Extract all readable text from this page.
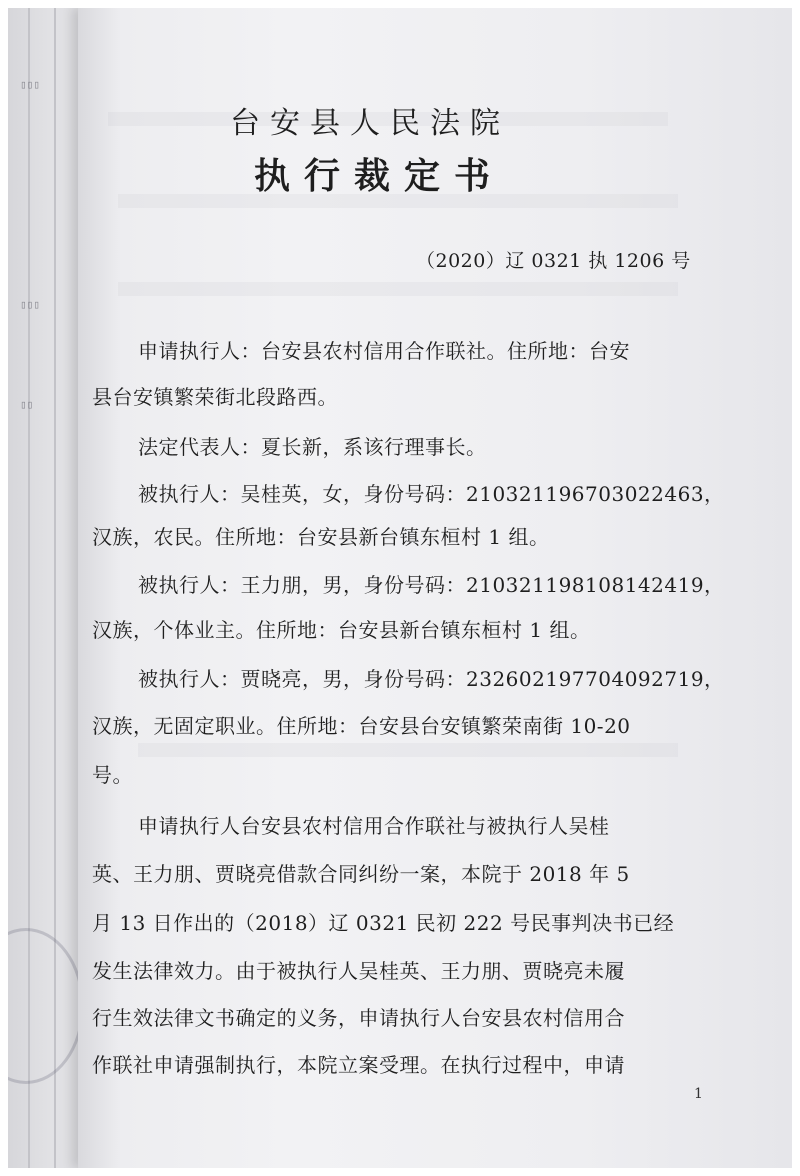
▯▯▯
▯▯▯
▯▯
台安县人民法院
执行裁定书
（2020）辽 0321 执 1206 号
申请执行人：台安县农村信用合作联社。住所地：台安
县台安镇繁荣街北段路西。
法定代表人：夏长新，系该行理事长。
被执行人：吴桂英，女，身份号码：210321196703022463，
汉族，农民。住所地：台安县新台镇东桓村 1 组。
被执行人：王力朋，男，身份号码：210321198108142419，
汉族，个体业主。住所地：台安县新台镇东桓村 1 组。
被执行人：贾晓亮，男，身份号码：232602197704092719，
汉族，无固定职业。住所地：台安县台安镇繁荣南街 10-20
号。
申请执行人台安县农村信用合作联社与被执行人吴桂
英、王力朋、贾晓亮借款合同纠纷一案，本院于 2018 年 5
月 13 日作出的（2018）辽 0321 民初 222 号民事判决书已经
发生法律效力。由于被执行人吴桂英、王力朋、贾晓亮未履
行生效法律文书确定的义务，申请执行人台安县农村信用合
作联社申请强制执行，本院立案受理。在执行过程中，申请
1
